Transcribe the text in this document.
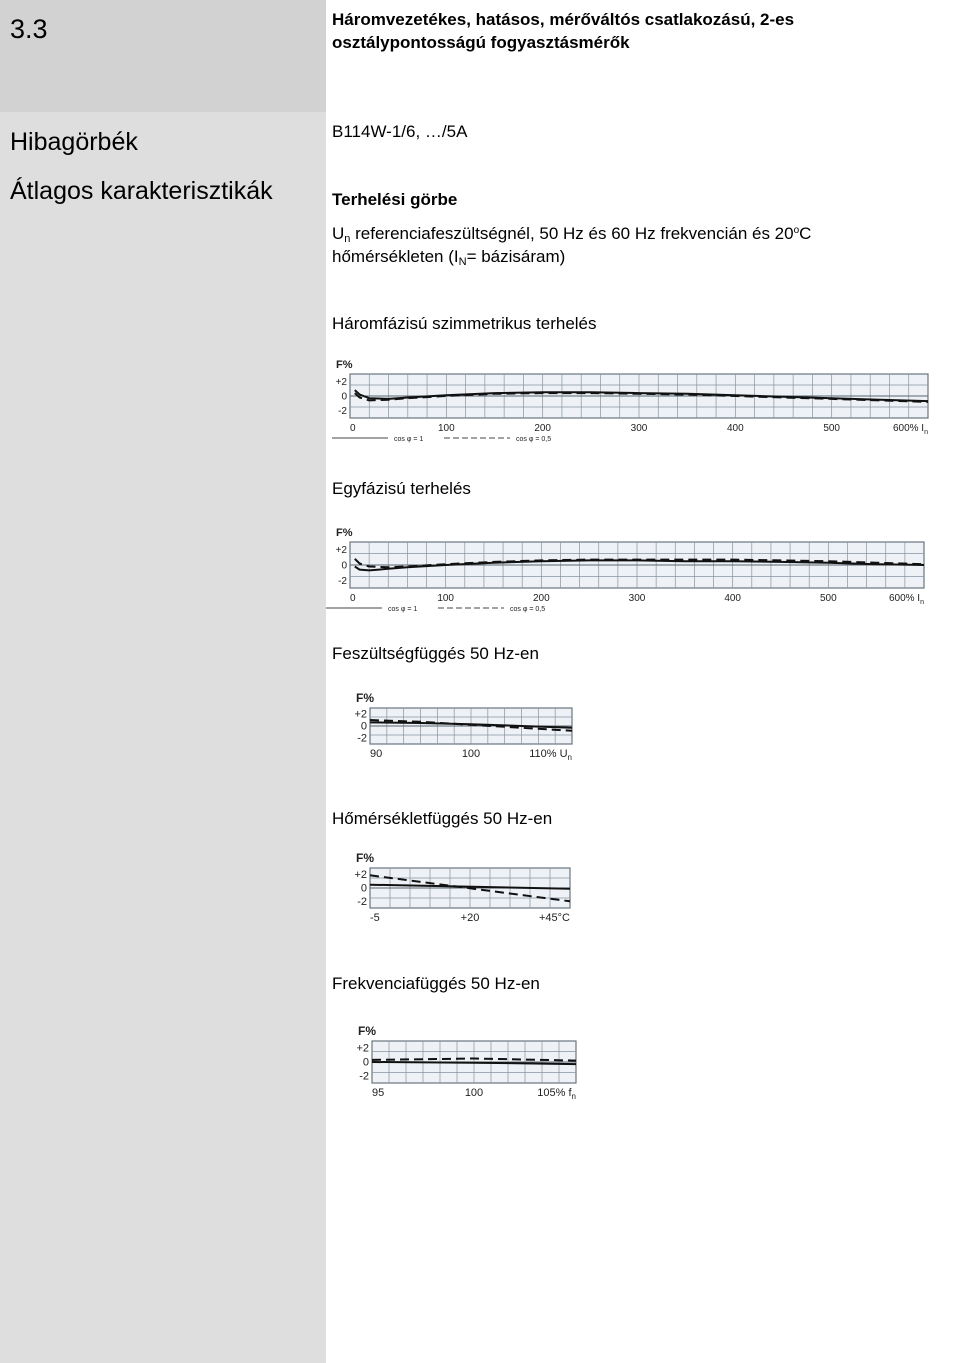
3.3
Hibagörbék
Átlagos karakterisztikák
Háromvezetékes, hatásos, mérőváltós csatlakozású, 2-es
osztálypontosságú fogyasztásmérők
B114W-1/6, …/5A
Terhelési görbe
$U_n$ referenciafeszültségnél, 50 Hz és 60 Hz frekvencián és 20$^o$C
hőmérsékleten ($I_N=$ bázisáram)
Háromfázisú szimmetrikus terhelés
Egyfázisú terhelés
Feszültségfüggés 50 Hz-en
Hőmérsékletfüggés 50 Hz-en
Frekvenciafüggés 50 Hz-en
F%
+2
0
-2
0	100	200	300	400	500	600% $I_n$
cos φ = 1	cos φ = 0,5
F%
+2
0
-2
0	100	200	300	400	500	600% $I_n$
cos φ = 1	cos φ = 0,5
F%
+2
0
-2
90	100	110% $U_n$
F%
+2
0
-2
-5	+20	+45°C
F%
+2
0
-2
95	100	105% $f_n$
